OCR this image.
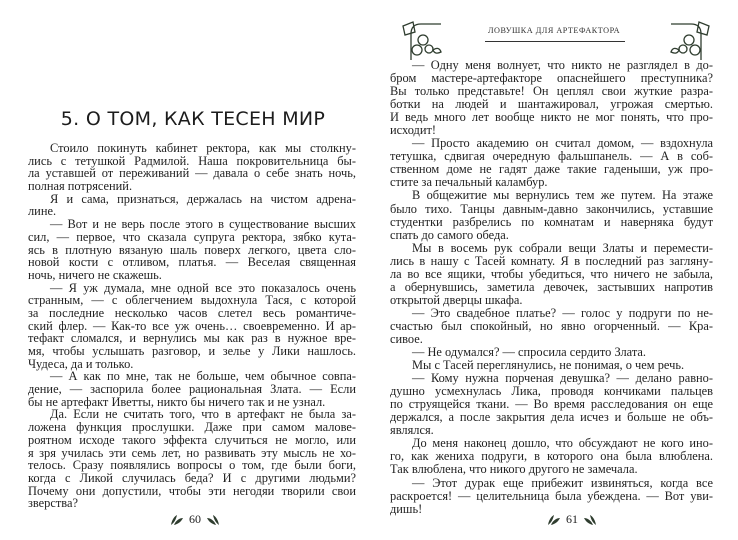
5. О ТОМ, КАК ТЕСЕН МИР
Стоило покинуть кабинет ректора, как мы столкну-
лись с тетушкой Радмилой. Наша покровительница бы-
ла уставшей от переживаний — давала о себе знать ночь,
полная потрясений.
Я и сама, признаться, держалась на чистом адрена-
лине.
— Вот и не верь после этого в существование высших
сил, — первое, что сказала супруга ректора, зябко кута-
ясь в плотную вязаную шаль поверх легкого, цвета сло-
новой кости с отливом, платья. — Веселая священная
ночь, ничего не скажешь.
— Я уж думала, мне одной все это показалось очень
странным, — с облегчением выдохнула Тася, с которой
за последние несколько часов слетел весь романтиче-
ский флер. — Как-то все уж очень… своевременно. И ар-
тефакт сломался, и вернулись мы как раз в нужное вре-
мя, чтобы услышать разговор, и зелье у Лики нашлось.
Чудеса, да и только.
— А как по мне, так не больше, чем обычное совпа-
дение, — заспорила более рациональная Злата. — Если
бы не артефакт Иветты, никто бы ничего так и не узнал.
Да. Если не считать того, что в артефакт не была за-
ложена функция прослушки. Даже при самом малове-
роятном исходе такого эффекта случиться не могло, или
я зря училась эти семь лет, но развивать эту мысль не хо-
телось. Сразу появлялись вопросы о том, где были боги,
когда с Ликой случилась беда? И с другими людьми?
Почему они допустили, чтобы эти негодяи творили свои
зверства?
60
ЛОВУШКА ДЛЯ АРТЕФАКТОРА
— Одну меня волнует, что никто не разглядел в до-
бром мастере-артефакторе опаснейшего преступника?
Вы только представьте! Он цеплял свои жуткие разра-
ботки на людей и шантажировал, угрожая смертью.
И ведь много лет вообще никто не мог понять, что про-
исходит!
— Просто академию он считал домом, — вздохнула
тетушка, сдвигая очередную фальшпанель. — А в соб-
ственном доме не гадят даже такие гаденыши, уж про-
стите за печальный каламбур.
В общежитие мы вернулись тем же путем. На этаже
было тихо. Танцы давным-давно закончились, уставшие
студентки разбрелись по комнатам и наверняка будут
спать до самого обеда.
Мы в восемь рук собрали вещи Златы и перемести-
лись в нашу с Тасей комнату. Я в последний раз загляну-
ла во все ящики, чтобы убедиться, что ничего не забыла,
а обернувшись, заметила девочек, застывших напротив
открытой дверцы шкафа.
— Это свадебное платье? — голос у подруги по не-
счастью был спокойный, но явно огорченный. — Кра-
сивое.
— Не одумался? — спросила сердито Злата.
Мы с Тасей переглянулись, не понимая, о чем речь.
— Кому нужна порченая девушка? — делано равно-
душно усмехнулась Лика, проводя кончиками пальцев
по струящейся ткани. — Во время расследования он еще
держался, а после закрытия дела исчез и больше не объ-
являлся.
До меня наконец дошло, что обсуждают не кого ино-
го, как жениха подруги, в которого она была влюблена.
Так влюблена, что никого другого не замечала.
— Этот дурак еще прибежит извиняться, когда все
раскроется! — целительница была убеждена. — Вот уви-
дишь!
61
